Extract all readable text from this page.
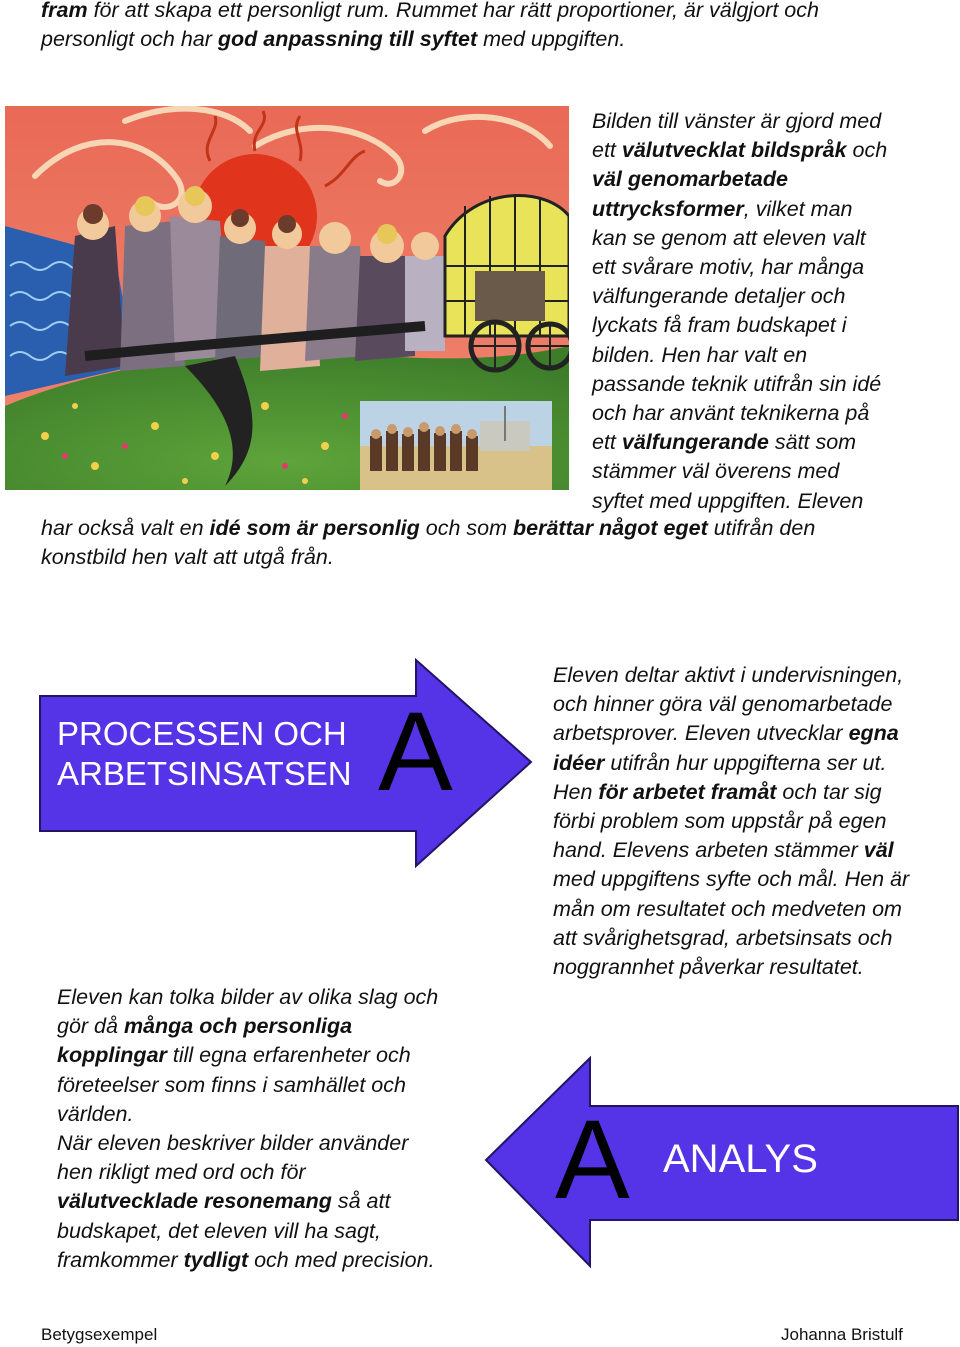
fram för att skapa ett personligt rum. Rummet har rätt proportioner, är välgjort och
personligt och har god anpassning till syftet med uppgiften.
Bilden till vänster är gjord med
ett välutvecklat bildspråk och
väl genomarbetade
uttrycksformer, vilket man
kan se genom att eleven valt
ett svårare motiv, har många
välfungerande detaljer och
lyckats få fram budskapet i
bilden. Hen har valt en
passande teknik utifrån sin idé
och har använt teknikerna på
ett välfungerande sätt som
stämmer väl överens med
syftet med uppgiften. Eleven
har också valt en idé som är personlig och som berättar något eget utifrån den
konstbild hen valt att utgå från.
PROCESSEN OCH
ARBETSINSATSEN A
Eleven deltar aktivt i undervisningen,
och hinner göra väl genomarbetade
arbetsprover. Eleven utvecklar egna
idéer utifrån hur uppgifterna ser ut.
Hen för arbetet framåt och tar sig
förbi problem som uppstår på egen
hand. Elevens arbeten stämmer väl
med uppgiftens syfte och mål. Hen är
mån om resultatet och medveten om
att svårighetsgrad, arbetsinsats och
noggrannhet påverkar resultatet.
Eleven kan tolka bilder av olika slag och
gör då många och personliga
kopplingar till egna erfarenheter och
företeelser som finns i samhället och
världen.
När eleven beskriver bilder använder
hen rikligt med ord och för
välutvecklade resonemang så att
budskapet, det eleven vill ha sagt,
framkommer tydligt och med precision.
A ANALYS
Betygsexempel	Johanna Bristulf
